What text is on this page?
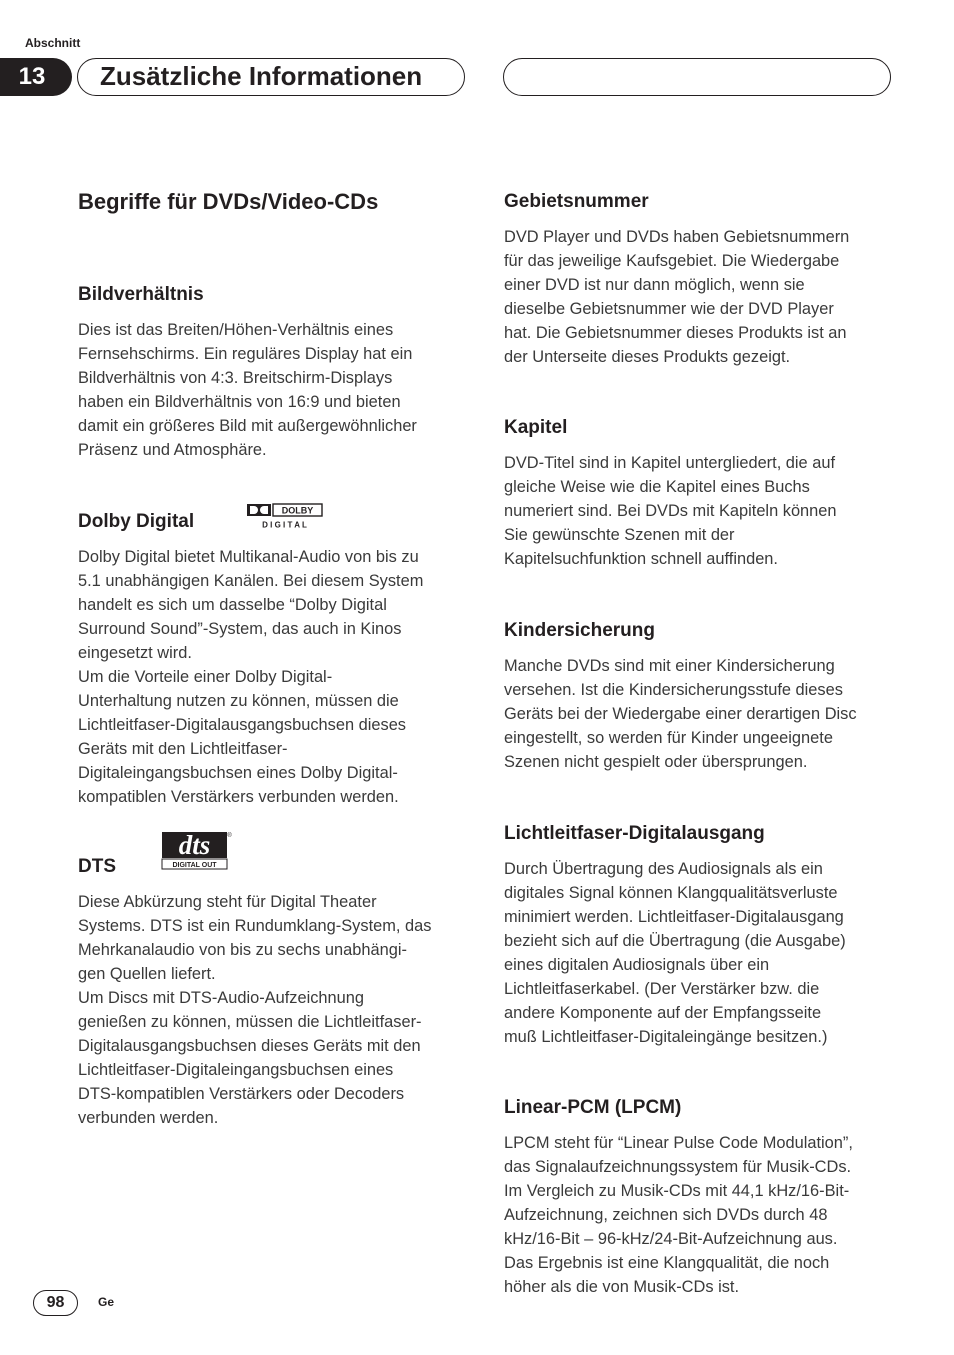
Abschnitt
13	Zusätzliche Informationen
Begriffe für DVDs/Video-CDs
Bildverhältnis

Dies ist das Breiten/Höhen-Verhältnis eines
Fernsehschirms. Ein reguläres Display hat ein
Bildverhältnis von 4:3. Breitschirm-Displays
haben ein Bildverhältnis von 16:9 und bieten
damit ein größeres Bild mit außergewöhnlicher
Präsenz und Atmosphäre.

Dolby Digital
DOLBY
D I G I T A L

Dolby Digital bietet Multikanal-Audio von bis zu
5.1 unabhängigen Kanälen. Bei diesem System
handelt es sich um dasselbe “Dolby Digital
Surround Sound”-System, das auch in Kinos
eingesetzt wird.
Um die Vorteile einer Dolby Digital-
Unterhaltung nutzen zu können, müssen die
Lichtleitfaser-Digitalausgangsbuchsen dieses
Geräts mit den Lichtleitfaser-
Digitaleingangsbuchsen eines Dolby Digital-
kompatiblen Verstärkers verbunden werden.

DTS
dts
DIGITAL OUT
®

Diese Abkürzung steht für Digital Theater
Systems. DTS ist ein Rundumklang-System, das
Mehrkanalaudio von bis zu sechs unabhängi-
gen Quellen liefert.
Um Discs mit DTS-Audio-Aufzeichnung
genießen zu können, müssen die Lichtleitfaser-
Digitalausgangsbuchsen dieses Geräts mit den
Lichtleitfaser-Digitaleingangsbuchsen eines
DTS-kompatiblen Verstärkers oder Decoders
verbunden werden.

Gebietsnummer

DVD Player und DVDs haben Gebietsnummern
für das jeweilige Kaufsgebiet. Die Wiedergabe
einer DVD ist nur dann möglich, wenn sie
dieselbe Gebietsnummer wie der DVD Player
hat. Die Gebietsnummer dieses Produkts ist an
der Unterseite dieses Produkts gezeigt.

Kapitel

DVD-Titel sind in Kapitel untergliedert, die auf
gleiche Weise wie die Kapitel eines Buchs
numeriert sind. Bei DVDs mit Kapiteln können
Sie gewünschte Szenen mit der
Kapitelsuchfunktion schnell auffinden.

Kindersicherung

Manche DVDs sind mit einer Kindersicherung
versehen. Ist die Kindersicherungsstufe dieses
Geräts bei der Wiedergabe einer derartigen Disc
eingestellt, so werden für Kinder ungeeignete
Szenen nicht gespielt oder übersprungen.

Lichtleitfaser-Digitalausgang

Durch Übertragung des Audiosignals als ein
digitales Signal können Klangqualitätsverluste
minimiert werden. Lichtleitfaser-Digitalausgang
bezieht sich auf die Übertragung (die Ausgabe)
eines digitalen Audiosignals über ein
Lichtleitfaserkabel. (Der Verstärker bzw. die
andere Komponente auf der Empfangsseite
muß Lichtleitfaser-Digitaleingänge besitzen.)

Linear-PCM (LPCM)

LPCM steht für “Linear Pulse Code Modulation”,
das Signalaufzeichnungssystem für Musik-CDs.
Im Vergleich zu Musik-CDs mit 44,1 kHz/16-Bit-
Aufzeichnung, zeichnen sich DVDs durch 48
kHz/16-Bit – 96-kHz/24-Bit-Aufzeichnung aus.
Das Ergebnis ist eine Klangqualität, die noch
höher als die von Musik-CDs ist.

98	Ge
